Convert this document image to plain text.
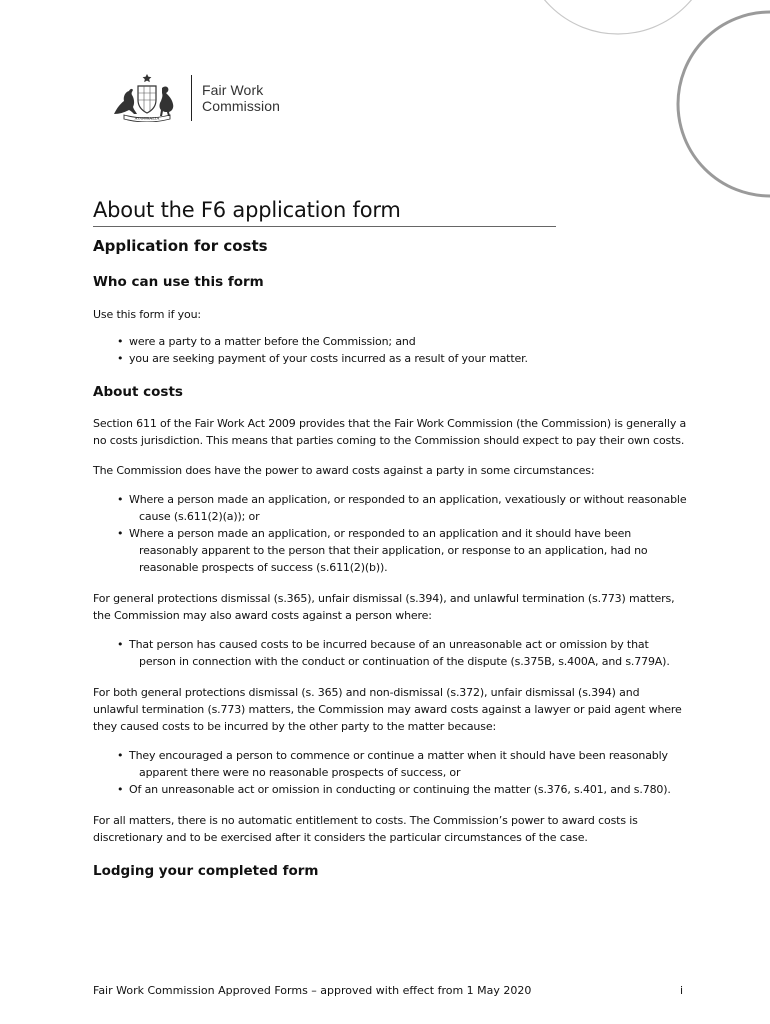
AUSTRALIA
Fair Work
Commission
About the F6 application form
Application for costs
Who can use this form

Use this form if you:

• were a party to a matter before the Commission; and
• you are seeking payment of your costs incurred as a result of your matter.
About costs

Section 611 of the Fair Work Act 2009 provides that the Fair Work Commission (the Commission) is generally a no costs jurisdiction. This means that parties coming to the Commission should expect to pay their own costs.

The Commission does have the power to award costs against a party in some circumstances:

• Where a person made an application, or responded to an application, vexatiously or without reasonable cause (s.611(2)(a)); or
• Where a person made an application, or responded to an application and it should have been reasonably apparent to the person that their application, or response to an application, had no reasonable prospects of success (s.611(2)(b)).

For general protections dismissal (s.365), unfair dismissal (s.394), and unlawful termination (s.773) matters, the Commission may also award costs against a person where:

• That person has caused costs to be incurred because of an unreasonable act or omission by that person in connection with the conduct or continuation of the dispute (s.375B, s.400A, and s.779A).

For both general protections dismissal (s. 365) and non-dismissal (s.372), unfair dismissal (s.394) and unlawful termination (s.773) matters, the Commission may award costs against a lawyer or paid agent where they caused costs to be incurred by the other party to the matter because:

• They encouraged a person to commence or continue a matter when it should have been reasonably apparent there were no reasonable prospects of success, or
• Of an unreasonable act or omission in conducting or continuing the matter (s.376, s.401, and s.780).

For all matters, there is no automatic entitlement to costs. The Commission’s power to award costs is discretionary and to be exercised after it considers the particular circumstances of the case.

Lodging your completed form
Fair Work Commission Approved Forms – approved with effect from 1 May 2020	i
